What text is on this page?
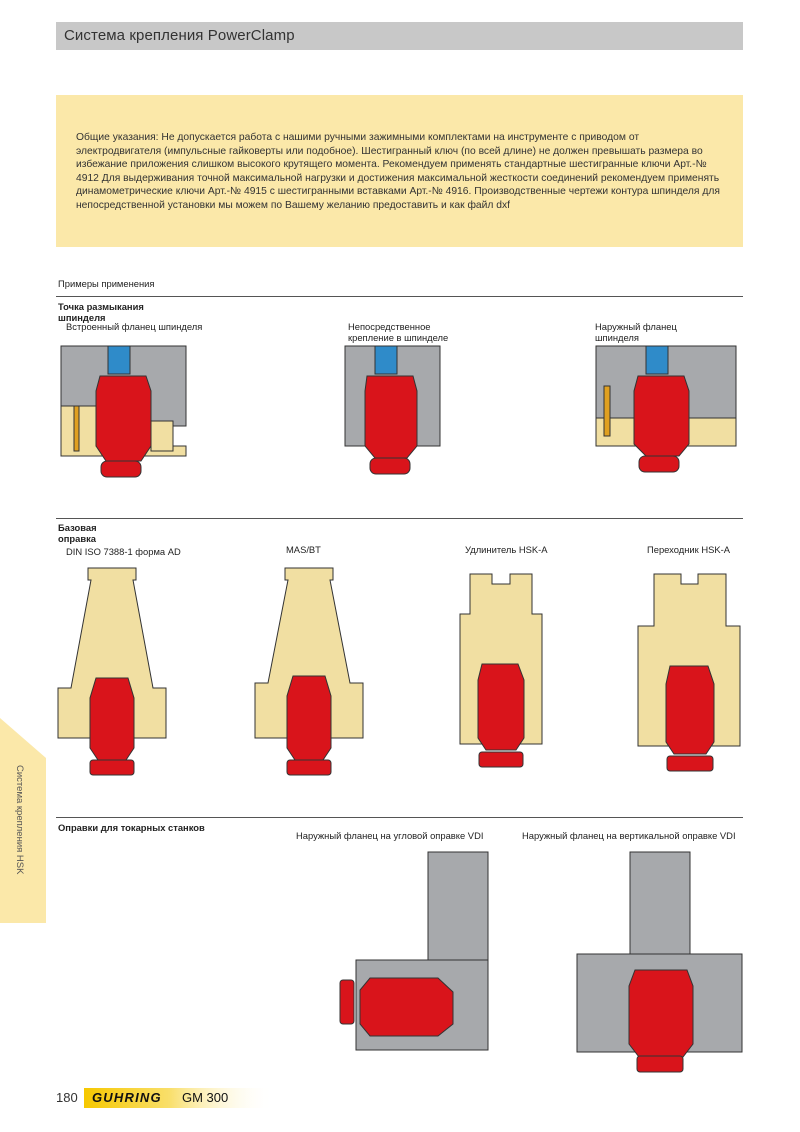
Система крепления PowerClamp
Общие указания: Не допускается работа с нашими ручными зажимными комплектами на инструменте с приводом от электродвигателя (импульсные гайковерты или подобное). Шестигранный ключ (по всей длине) не должен превышать размера во избежание приложения слишком высокого крутящего момента. Рекомендуем применять стандартные шестигранные ключи Арт.-№ 4912 Для выдерживания точной максимальной нагрузки и достижения максимальной жесткости соединений рекомендуем применять динамометрические ключи Арт.-№ 4915 с шестигранными вставками Арт.-№ 4916. Производственные чертежи контура шпинделя для непосредственной установки мы можем по Вашему желанию предоставить и как файл dxf
Примеры применения
Точка размыкания шпинделя
Встроенный фланец шпинделя	Непосредственное крепление в шпинделе
Наружный фланец шпинделя
Базовая оправка
DIN ISO 7388-1 форма AD	MAS/BT	Удлинитель HSK-A	Переходник HSK-A
Оправки для токарных станков
Наружный фланец на угловой оправке VDI	Наружный фланец на вертикальной оправке VDI
Система крепления HSK
180 GUHRING GM 300
